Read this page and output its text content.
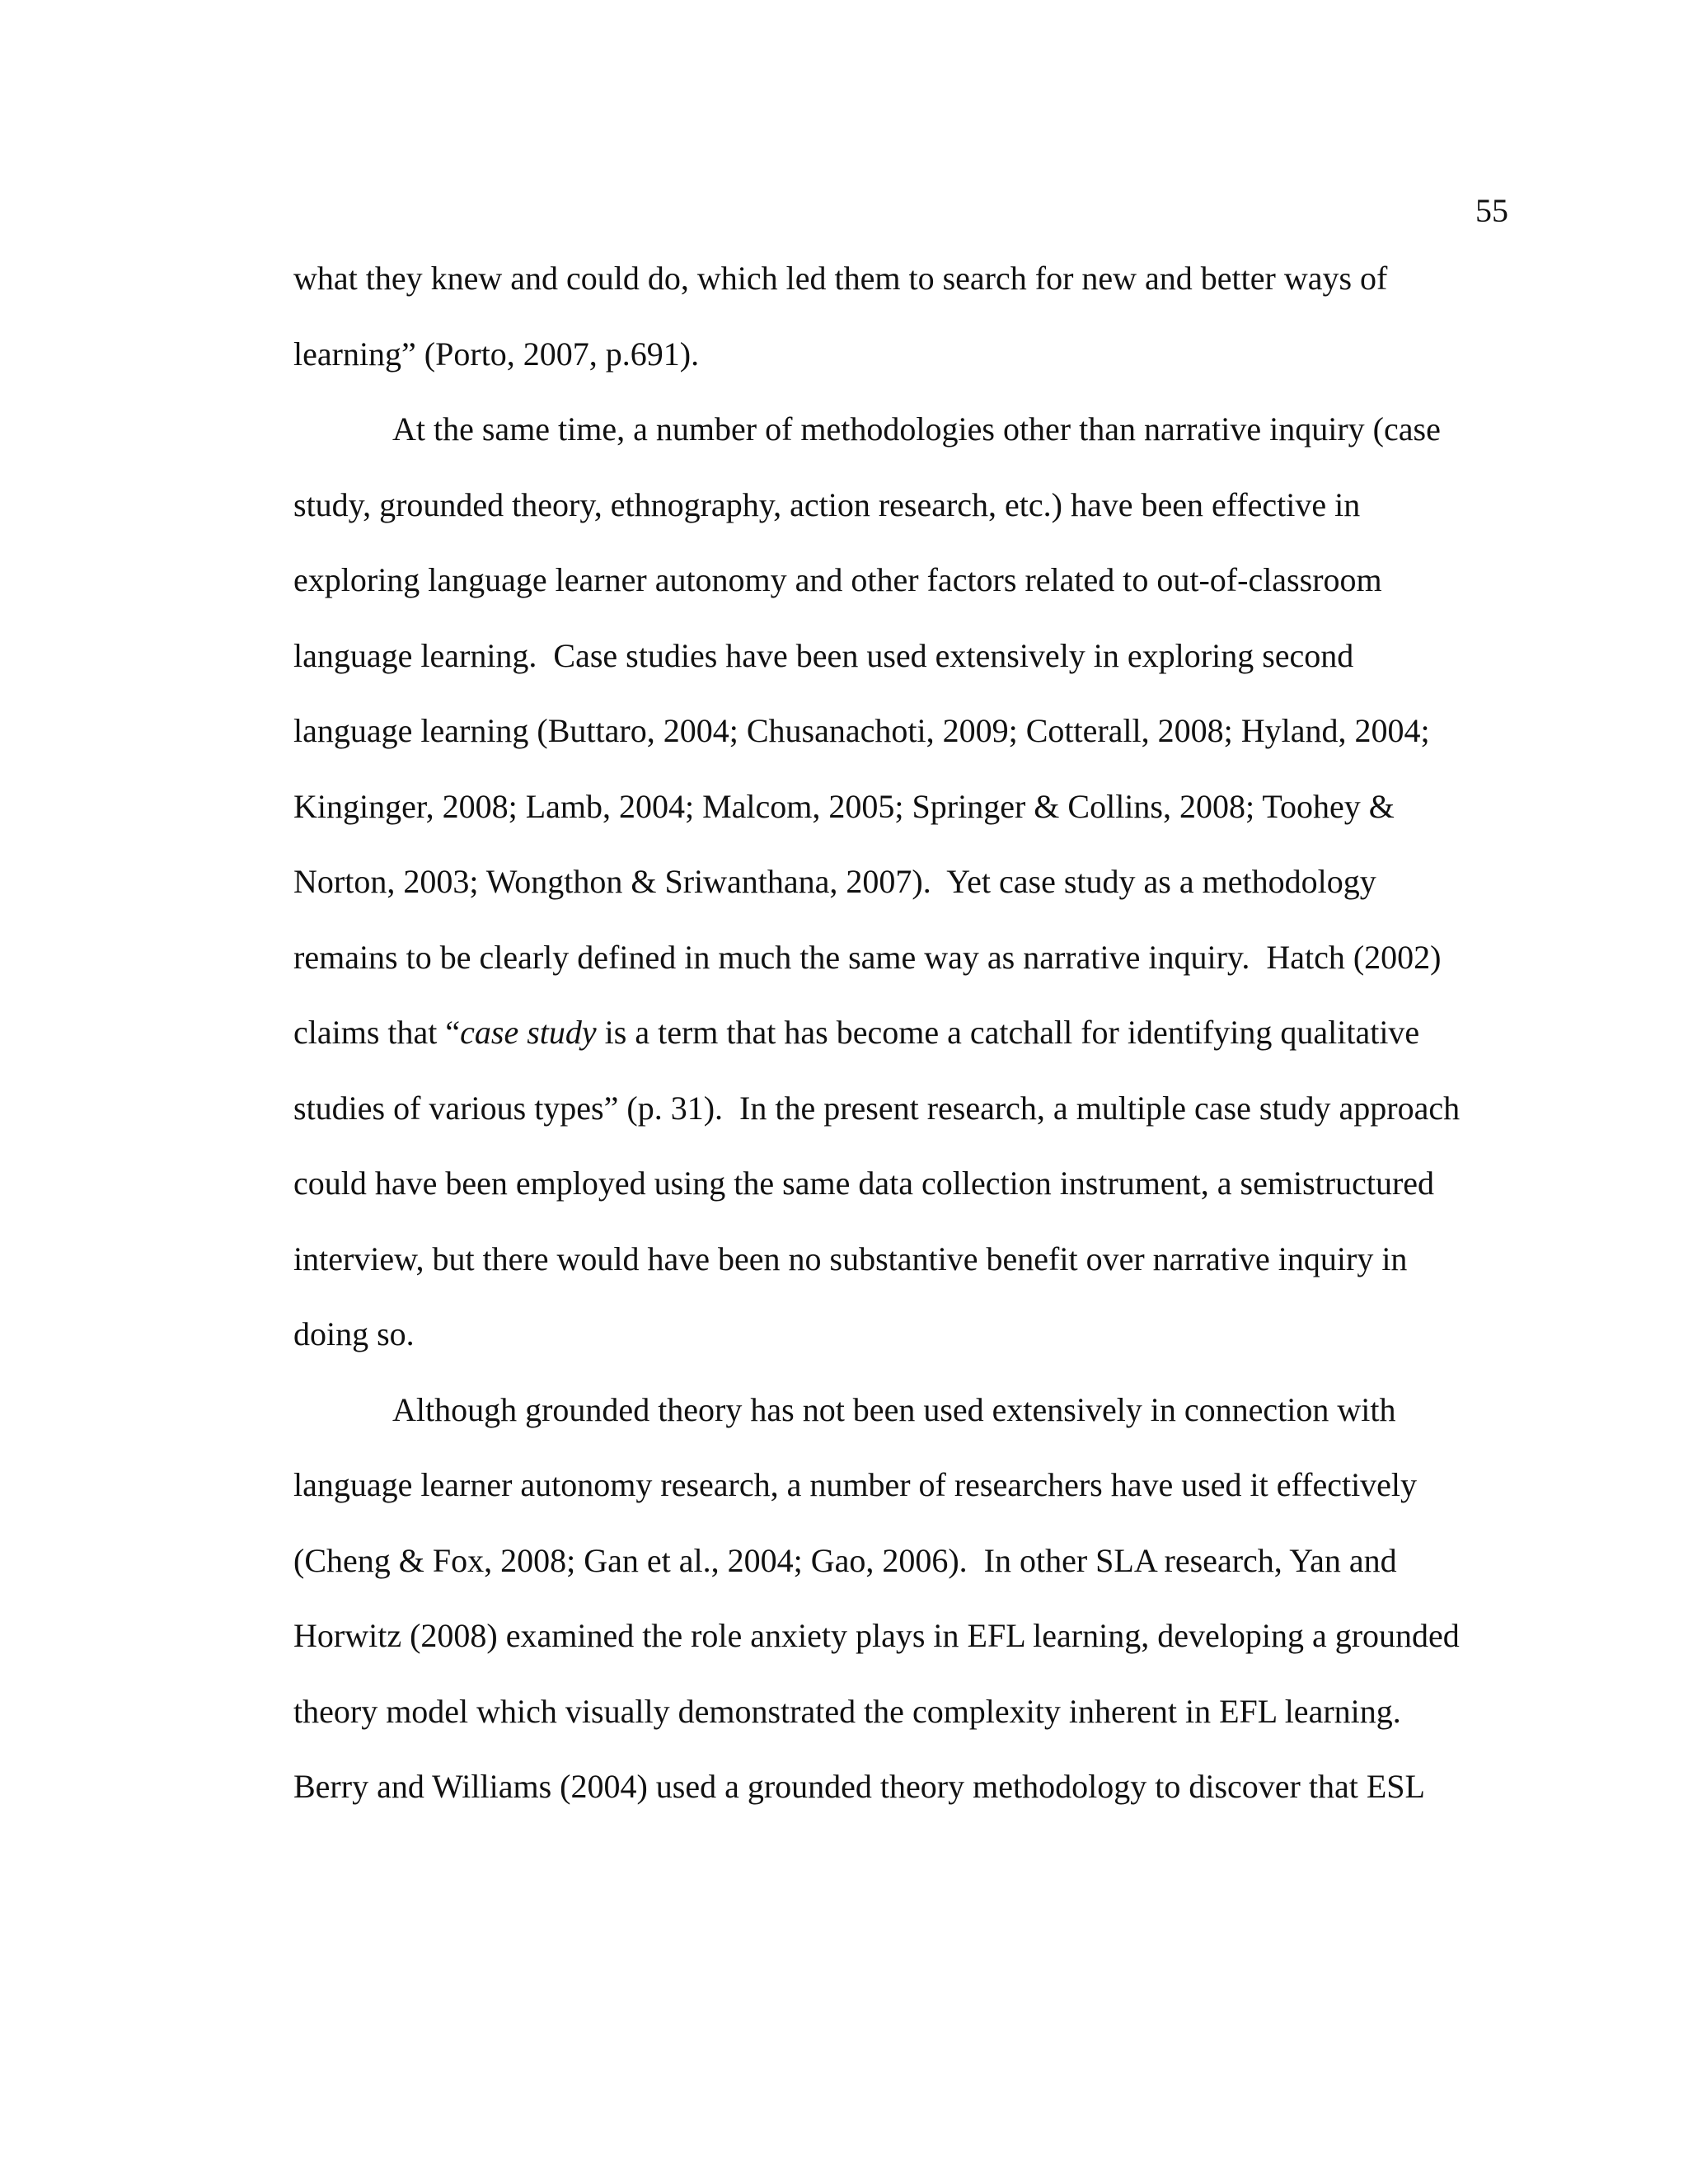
55
what they knew and could do, which led them to search for new and better ways of
learning” (Porto, 2007, p.691).
At the same time, a number of methodologies other than narrative inquiry (case
study, grounded theory, ethnography, action research, etc.) have been effective in
exploring language learner autonomy and other factors related to out-of-classroom
language learning.  Case studies have been used extensively in exploring second
language learning (Buttaro, 2004; Chusanachoti, 2009; Cotterall, 2008; Hyland, 2004;
Kinginger, 2008; Lamb, 2004; Malcom, 2005; Springer & Collins, 2008; Toohey &
Norton, 2003; Wongthon & Sriwanthana, 2007).  Yet case study as a methodology
remains to be clearly defined in much the same way as narrative inquiry.  Hatch (2002)
claims that “case study is a term that has become a catchall for identifying qualitative
studies of various types” (p. 31).  In the present research, a multiple case study approach
could have been employed using the same data collection instrument, a semistructured
interview, but there would have been no substantive benefit over narrative inquiry in
doing so.
Although grounded theory has not been used extensively in connection with
language learner autonomy research, a number of researchers have used it effectively
(Cheng & Fox, 2008; Gan et al., 2004; Gao, 2006).  In other SLA research, Yan and
Horwitz (2008) examined the role anxiety plays in EFL learning, developing a grounded
theory model which visually demonstrated the complexity inherent in EFL learning.
Berry and Williams (2004) used a grounded theory methodology to discover that ESL
